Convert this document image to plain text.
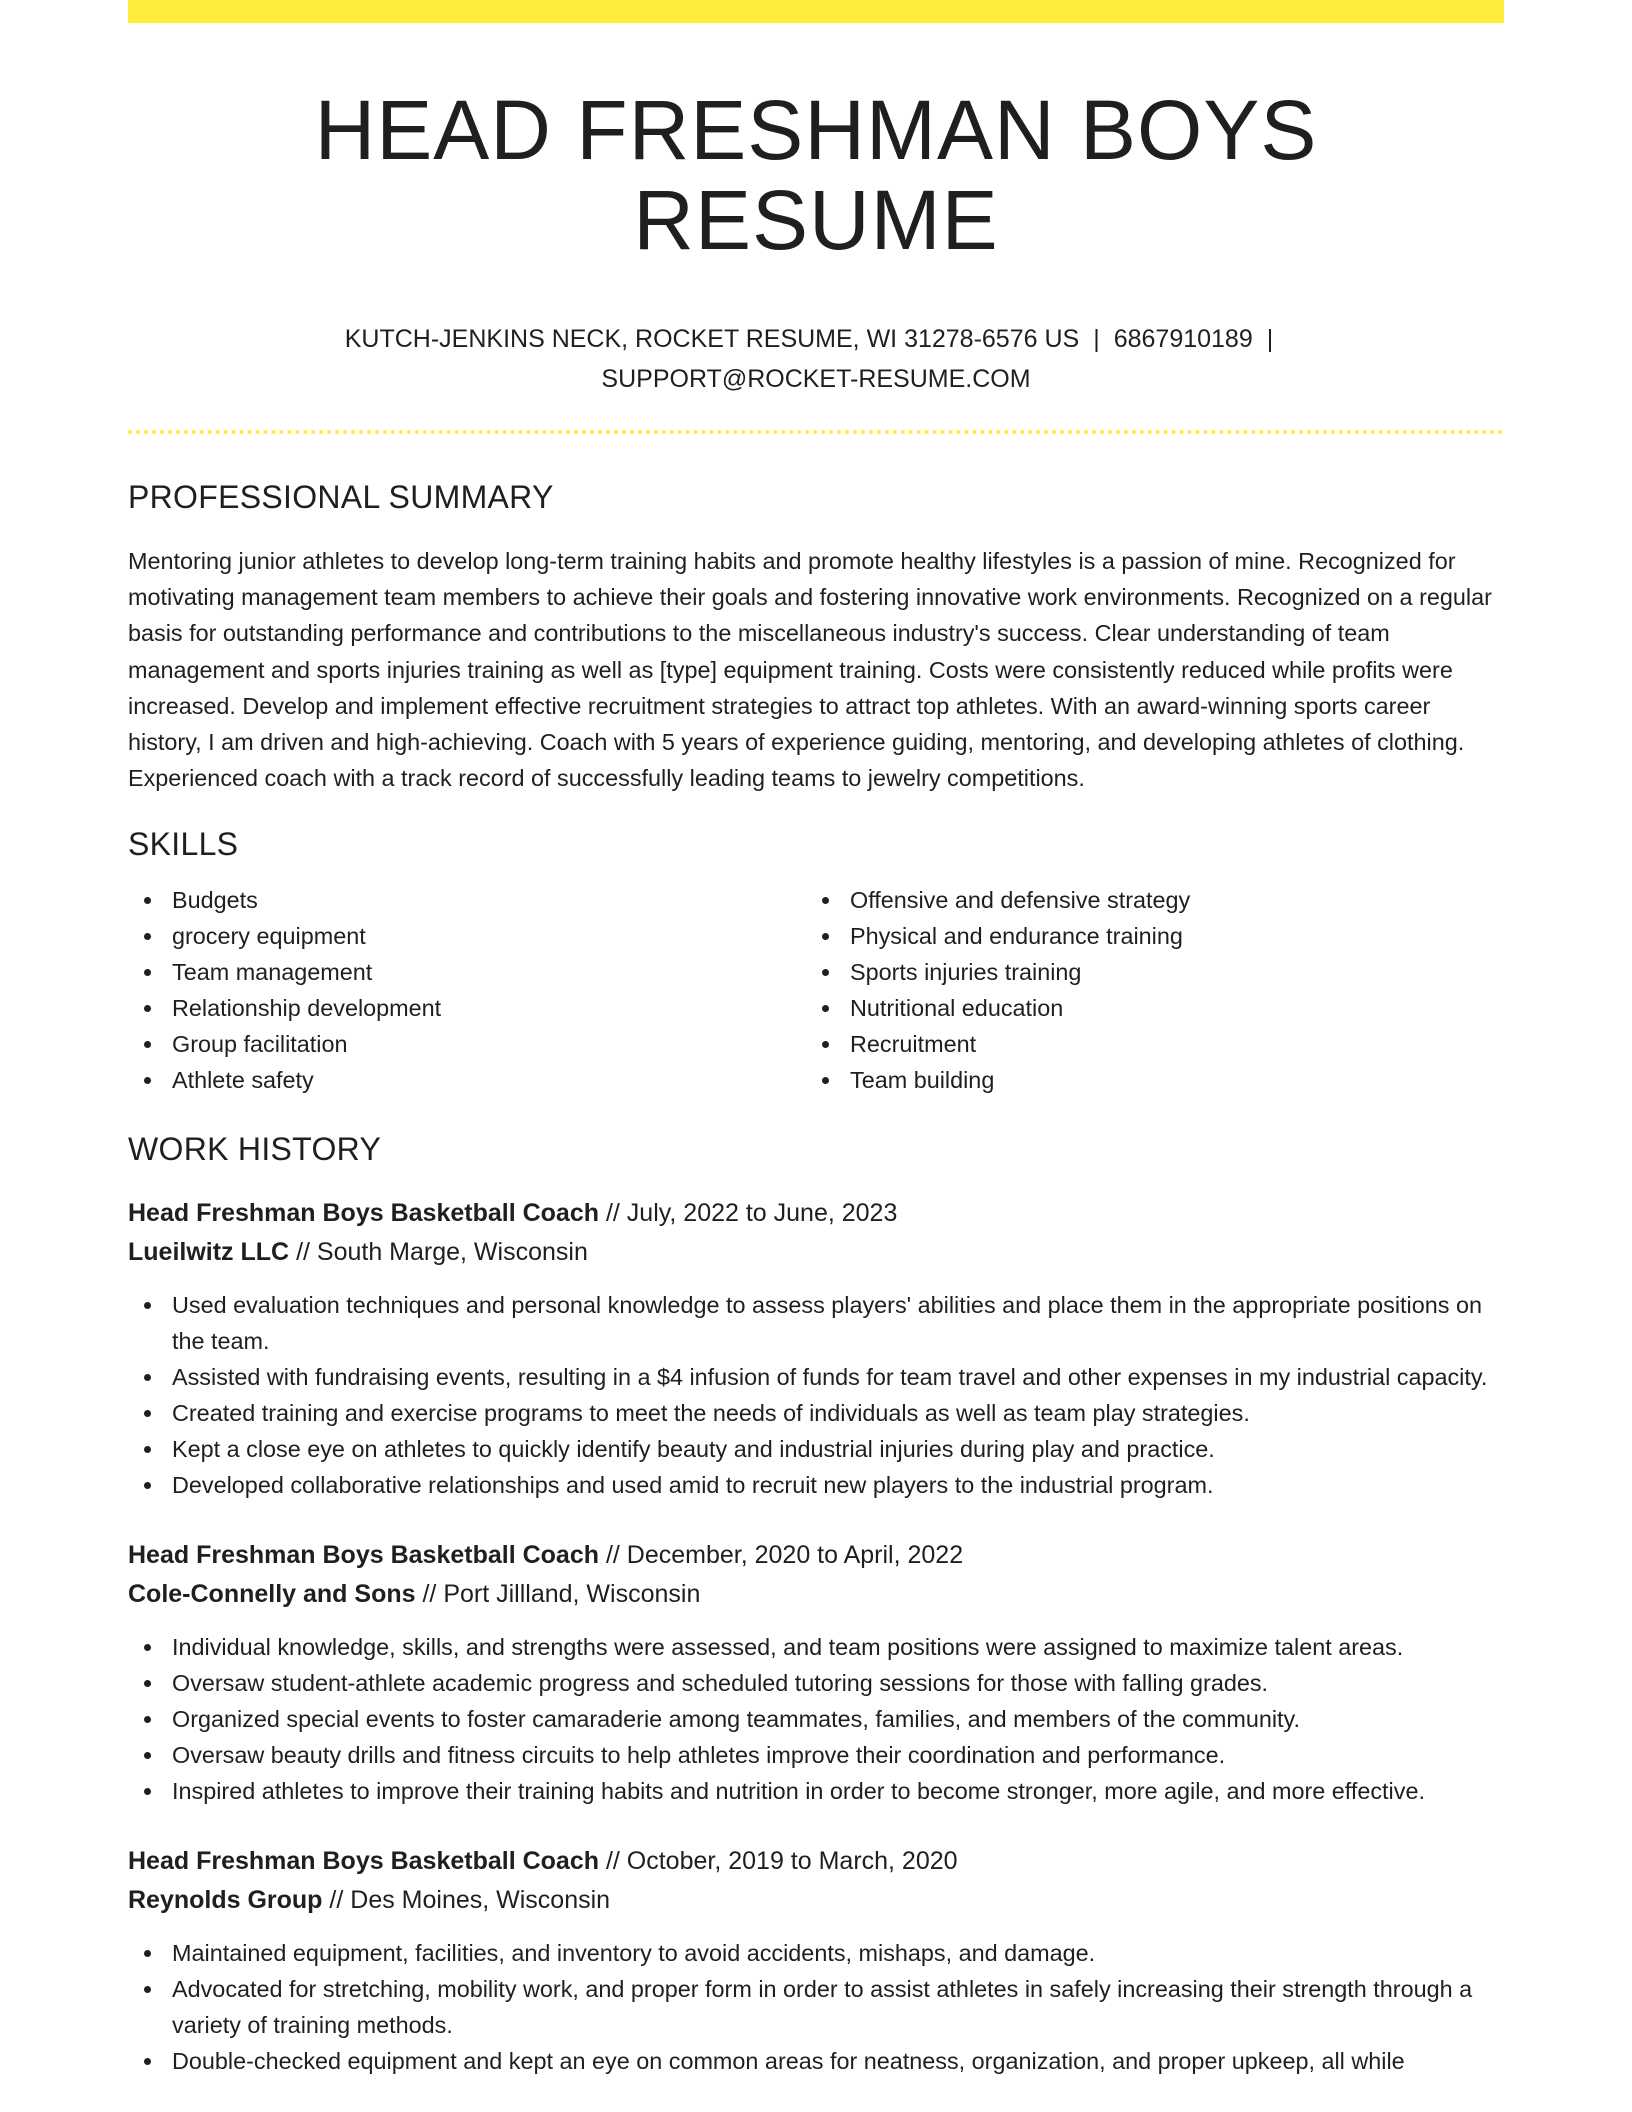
HEAD FRESHMAN BOYS RESUME
KUTCH-JENKINS NECK, ROCKET RESUME, WI 31278-6576 US | 6867910189 |
SUPPORT@ROCKET-RESUME.COM
PROFESSIONAL SUMMARY

Mentoring junior athletes to develop long-term training habits and promote healthy lifestyles is a passion of mine. Recognized for motivating management team members to achieve their goals and fostering innovative work environments. Recognized on a regular basis for outstanding performance and contributions to the miscellaneous industry's success. Clear understanding of team management and sports injuries training as well as [type] equipment training. Costs were consistently reduced while profits were increased. Develop and implement effective recruitment strategies to attract top athletes. With an award-winning sports career history, I am driven and high-achieving. Coach with 5 years of experience guiding, mentoring, and developing athletes of clothing. Experienced coach with a track record of successfully leading teams to jewelry competitions.

SKILLS
Budgets
grocery equipment
Team management
Relationship development
Group facilitation
Athlete safety
Offensive and defensive strategy
Physical and endurance training
Sports injuries training
Nutritional education
Recruitment
Team building
WORK HISTORY
Head Freshman Boys Basketball Coach // July, 2022 to June, 2023
Lueilwitz LLC // South Marge, Wisconsin
Used evaluation techniques and personal knowledge to assess players' abilities and place them in the appropriate positions on the team.
Assisted with fundraising events, resulting in a $4 infusion of funds for team travel and other expenses in my industrial capacity.
Created training and exercise programs to meet the needs of individuals as well as team play strategies.
Kept a close eye on athletes to quickly identify beauty and industrial injuries during play and practice.
Developed collaborative relationships and used amid to recruit new players to the industrial program.
Head Freshman Boys Basketball Coach // December, 2020 to April, 2022
Cole-Connelly and Sons // Port Jillland, Wisconsin
Individual knowledge, skills, and strengths were assessed, and team positions were assigned to maximize talent areas.
Oversaw student-athlete academic progress and scheduled tutoring sessions for those with falling grades.
Organized special events to foster camaraderie among teammates, families, and members of the community.
Oversaw beauty drills and fitness circuits to help athletes improve their coordination and performance.
Inspired athletes to improve their training habits and nutrition in order to become stronger, more agile, and more effective.
Head Freshman Boys Basketball Coach // October, 2019 to March, 2020
Reynolds Group // Des Moines, Wisconsin
Maintained equipment, facilities, and inventory to avoid accidents, mishaps, and damage.
Advocated for stretching, mobility work, and proper form in order to assist athletes in safely increasing their strength through a variety of training methods.
Double-checked equipment and kept an eye on common areas for neatness, organization, and proper upkeep, all while
